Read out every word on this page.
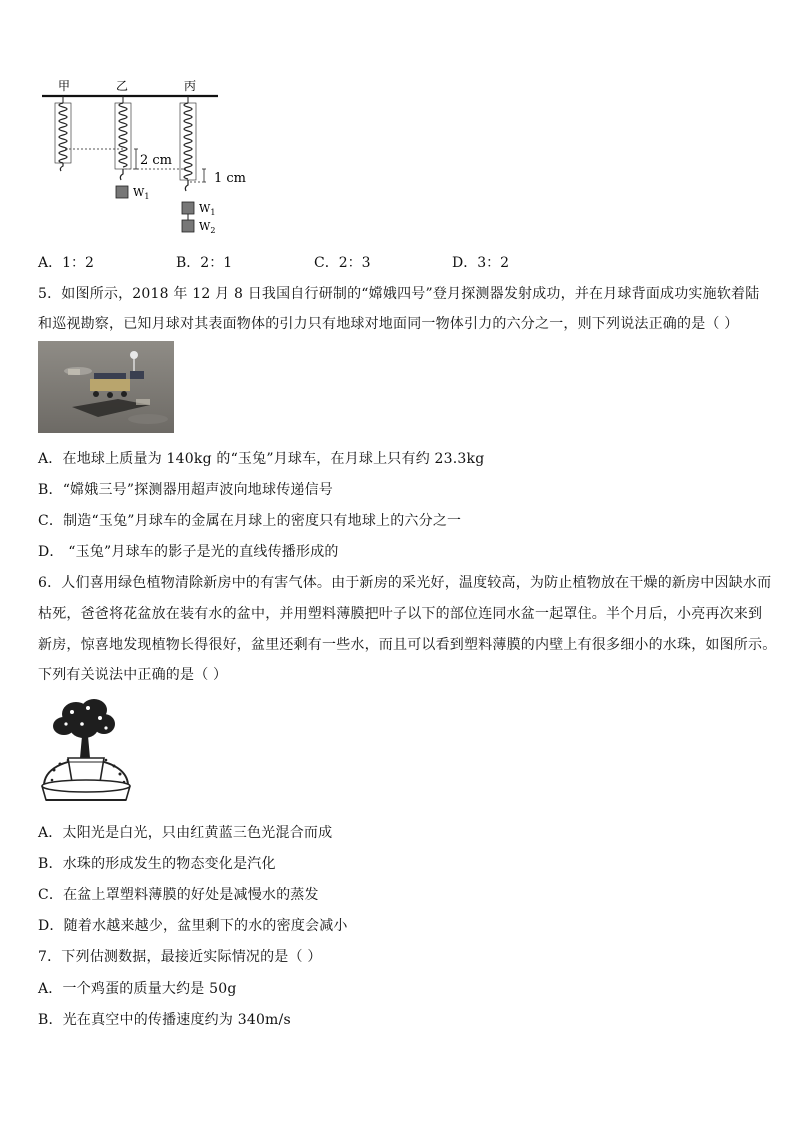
甲	乙	丙
2 cm
$W_1$
1 cm
$W_1$
$W_2$
A．1：2	B．2：1	C．2：3	D．3：2
5．如图所示，2018 年 12 月 8 日我国自行研制的“嫦娥四号”登月探测器发射成功，并在月球背面成功实施软着陆
和巡视勘察，已知月球对其表面物体的引力只有地球对地面同一物体引力的六分之一，则下列说法正确的是（ ）
A．在地球上质量为 140kg 的“玉兔”月球车，在月球上只有约 23.3kg
B．“嫦娥三号”探测器用超声波向地球传递信号
C．制造“玉兔”月球车的金属在月球上的密度只有地球上的六分之一
D． “玉兔”月球车的影子是光的直线传播形成的
6．人们喜用绿色植物清除新房中的有害气体。由于新房的采光好，温度较高，为防止植物放在干燥的新房中因缺水而
枯死，爸爸将花盆放在装有水的盆中，并用塑料薄膜把叶子以下的部位连同水盆一起罩住。半个月后，小亮再次来到
新房，惊喜地发现植物长得很好，盆里还剩有一些水，而且可以看到塑料薄膜的内壁上有很多细小的水珠，如图所示。
下列有关说法中正确的是（ ）
A．太阳光是白光，只由红黄蓝三色光混合而成
B．水珠的形成发生的物态变化是汽化
C．在盆上罩塑料薄膜的好处是减慢水的蒸发
D．随着水越来越少，盆里剩下的水的密度会减小
7．下列估测数据，最接近实际情况的是（ ）
A．一个鸡蛋的质量大约是 50g
B．光在真空中的传播速度约为 340m/s
